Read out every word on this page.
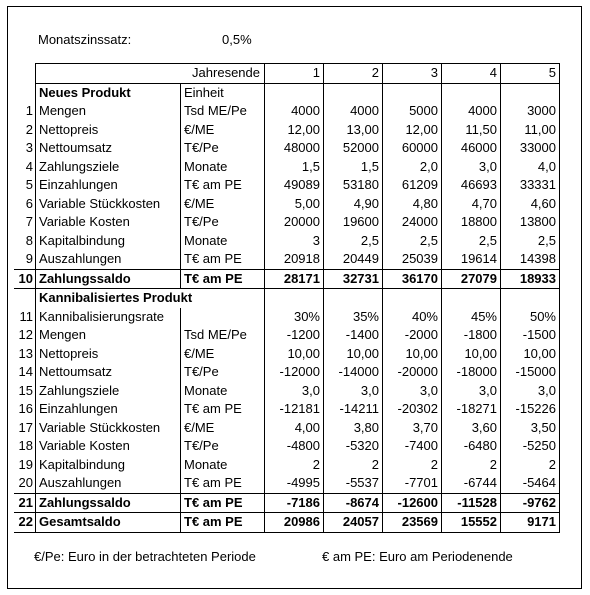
Monatszinssatz:	0,5%
		Jahresende	1	2	3	4	5
	Neues Produkt	Einheit					
1	Mengen	Tsd ME/Pe	4000	4000	5000	4000	3000
2	Nettopreis	€/ME	12,00	13,00	12,00	11,50	11,00
3	Nettoumsatz	T€/Pe	48000	52000	60000	46000	33000
4	Zahlungsziele	Monate	1,5	1,5	2,0	3,0	4,0
5	Einzahlungen	T€ am PE	49089	53180	61209	46693	33331
6	Variable Stückkosten	€/ME	5,00	4,90	4,80	4,70	4,60
7	Variable Kosten	T€/Pe	20000	19600	24000	18800	13800
8	Kapitalbindung	Monate	3	2,5	2,5	2,5	2,5
9	Auszahlungen	T€ am PE	20918	20449	25039	19614	14398
10	Zahlungssaldo	T€ am PE	28171	32731	36170	27079	18933
	Kannibalisiertes Produkt						
11	Kannibalisierungsrate		30%	35%	40%	45%	50%
12	Mengen	Tsd ME/Pe	-1200	-1400	-2000	-1800	-1500
13	Nettopreis	€/ME	10,00	10,00	10,00	10,00	10,00
14	Nettoumsatz	T€/Pe	-12000	-14000	-20000	-18000	-15000
15	Zahlungsziele	Monate	3,0	3,0	3,0	3,0	3,0
16	Einzahlungen	T€ am PE	-12181	-14211	-20302	-18271	-15226
17	Variable Stückkosten	€/ME	4,00	3,80	3,70	3,60	3,50
18	Variable Kosten	T€/Pe	-4800	-5320	-7400	-6480	-5250
19	Kapitalbindung	Monate	2	2	2	2	2
20	Auszahlungen	T€ am PE	-4995	-5537	-7701	-6744	-5464
21	Zahlungssaldo	T€ am PE	-7186	-8674	-12600	-11528	-9762
22	Gesamtsaldo	T€ am PE	20986	24057	23569	15552	9171
€/Pe: Euro in der betrachteten Periode	€ am PE: Euro am Periodenende
